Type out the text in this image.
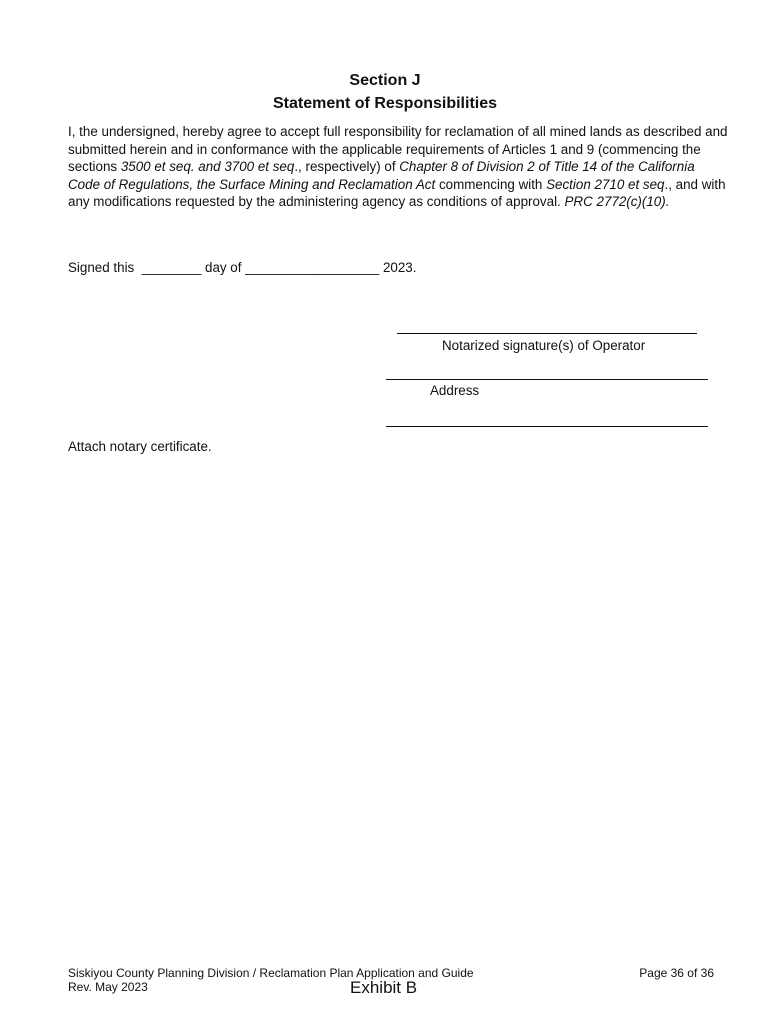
Section J
Statement of Responsibilities
I, the undersigned, hereby agree to accept full responsibility for reclamation of all mined lands as described and submitted herein and in conformance with the applicable requirements of Articles 1 and 9 (commencing the sections 3500 et seq. and 3700 et seq., respectively) of Chapter 8 of Division 2 of Title 14 of the California Code of Regulations, the Surface Mining and Reclamation Act commencing with Section 2710 et seq., and with any modifications requested by the administering agency as conditions of approval. PRC 2772(c)(10).
Signed this  ________ day of __________________ 2023.
Notarized signature(s) of Operator
Address
Attach notary certificate.
Siskiyou County Planning Division / Reclamation Plan Application and Guide
Rev. May 2023
Page 36 of 36
Exhibit B
